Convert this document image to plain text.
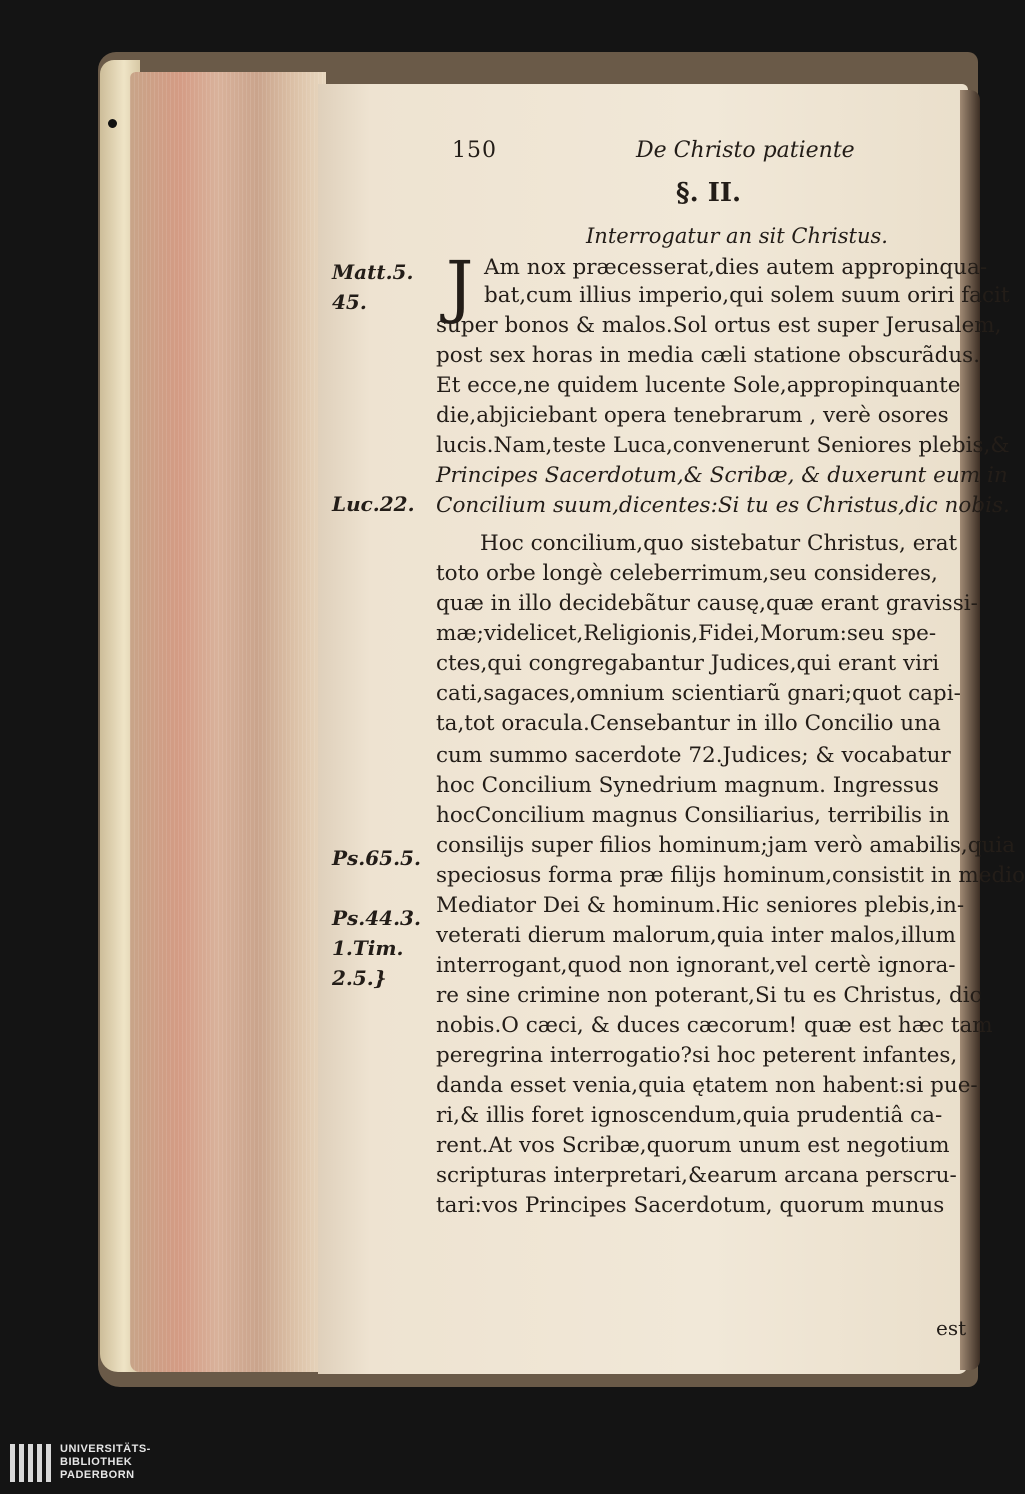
150	De Christo patiente
§. II.
Interrogatur an sit Christus.
J Am nox præcesserat,dies autem appropinqua-
bat,cum illius imperio,qui solem suum oriri facit
super bonos & malos.Sol ortus est super Jerusalem,
post sex horas in media cæli statione obscurãdus.
Et ecce,ne quidem lucente Sole,appropinquante
die,abjiciebant opera tenebrarum , verè osores
lucis.Nam,teste Luca,convenerunt Seniores plebis,&
Principes Sacerdotum,& Scribæ, & duxerunt eum in
Concilium suum,dicentes:Si tu es Christus,dic nobis.
Hoc concilium,quo sistebatur Christus, erat
toto orbe longè celeberrimum,seu consideres,
quæ in illo decidebãtur causę,quæ erant gravissi-
mæ;videlicet,Religionis,Fidei,Morum:seu spe-
ctes,qui congregabantur Judices,qui erant viri
cati,sagaces,omnium scientiarũ gnari;quot capi-
ta,tot oracula.Censebantur in illo Concilio una
cum summo sacerdote 72.Judices; & vocabatur
hoc Concilium Synedrium magnum. Ingressus
hocConcilium magnus Consiliarius, terribilis in
consilijs super filios hominum;jam verò amabilis,quia
speciosus forma præ filijs hominum,consistit in medio
Mediator Dei & hominum.Hic seniores plebis,in-
veterati dierum malorum,quia inter malos,illum
interrogant,quod non ignorant,vel certè ignora-
re sine crimine non poterant,Si tu es Christus, dic
nobis.O cæci, & duces cæcorum! quæ est hæc tam
peregrina interrogatio?si hoc peterent infantes,
danda esset venia,quia ętatem non habent:si pue-
ri,& illis foret ignoscendum,quia prudentiâ ca-
rent.At vos Scribæ,quorum unum est negotium
scripturas interpretari,&earum arcana perscru-
tari:vos Principes Sacerdotum, quorum munus
Matt.5.
45.
Luc.22.
Ps.65.5.
Ps.44.3.
1.Tim.
2.5.}
est
UNIVERSITÄTS-
BIBLIOTHEK
PADERBORN
